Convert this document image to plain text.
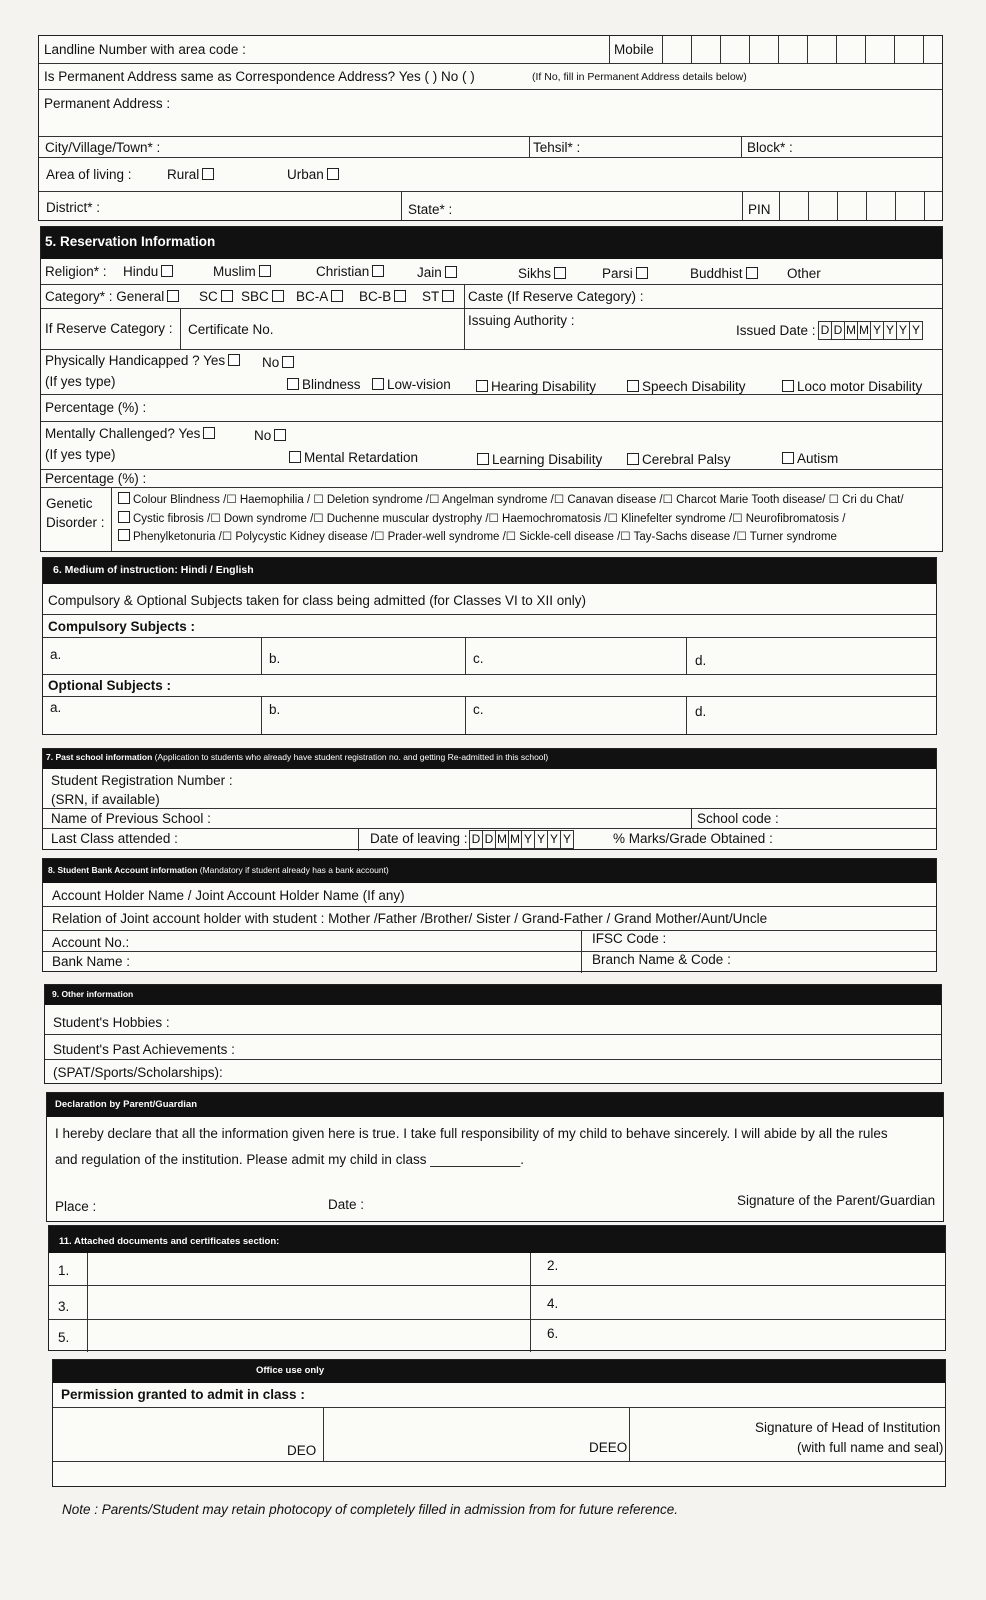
Landline Number with area code :	Mobile
Is Permanent Address same as Correspondence Address? Yes ( ) No ( )	(If No, fill in Permanent Address details below)
Permanent Address :
City/Village/Town* :	Tehsil* :	Block* :
Area of living :	Rural	Urban
District* :	State* :	PIN
5. Reservation Information
Religion* : Hindu	Muslim	Christian	Jain	Sikhs	Parsi	Buddhist	Other
Category* : General	SC	SBC	BC-A	BC-B	ST	Caste (If Reserve Category) :
If Reserve Category : Certificate No.
Issuing Authority :
Issued Date : D D M M Y Y Y Y
Physically Handicapped ? Yes	No
(If yes type)	Blindness	Low-vision	Hearing Disability	Speech Disability	Loco motor Disability
Percentage (%) :
Mentally Challenged? Yes	No
(If yes type)	Mental Retardation	Learning Disability	Cerebral Palsy	Autism
Percentage (%) :
Genetic
Disorder :
Colour Blindness /☐ Haemophilia / ☐ Deletion syndrome /☐ Angelman syndrome /☐ Canavan disease /☐ Charcot Marie Tooth disease/ ☐ Cri du Chat/
Cystic fibrosis /☐ Down syndrome /☐ Duchenne muscular dystrophy /☐ Haemochromatosis /☐ Klinefelter syndrome /☐ Neurofibromatosis /
Phenylketonuria /☐ Polycystic Kidney disease /☐ Prader-well syndrome /☐ Sickle-cell disease /☐ Tay-Sachs disease /☐ Turner syndrome
6. Medium of instruction: Hindi / English
Compulsory & Optional Subjects taken for class being admitted (for Classes VI to XII only)
Compulsory Subjects :
a.	b.	c.	d.
Optional Subjects :
a.	b.	c.	d.
7. Past school information (Application to students who already have student registration no. and getting Re-admitted in this school)
Student Registration Number :
(SRN, if available)
Name of Previous School :	School code :
Last Class attended :	Date of leaving : D D M M Y Y Y Y	% Marks/Grade Obtained :
8. Student Bank Account information (Mandatory if student already has a bank account)
Account Holder Name / Joint Account Holder Name (If any)
Relation of Joint account holder with student : Mother /Father /Brother/ Sister / Grand-Father / Grand Mother/Aunt/Uncle
Account No.:	IFSC Code :
Bank Name :	Branch Name & Code :
9. Other information
Student's Hobbies :
Student's Past Achievements :
(SPAT/Sports/Scholarships):
Declaration by Parent/Guardian
I hereby declare that all the information given here is true. I take full responsibility of my child to behave sincerely. I will abide by all the rules
and regulation of the institution. Please admit my child in class ____________.
Place :	Date :	Signature of the Parent/Guardian
11. Attached documents and certificates section:
1.	2.
3.	4.
5.	6.
Office use only
Permission granted to admit in class :
DEO	DEEO
Signature of Head of Institution
(with full name and seal)
Note : Parents/Student may retain photocopy of completely filled in admission from for future reference.
